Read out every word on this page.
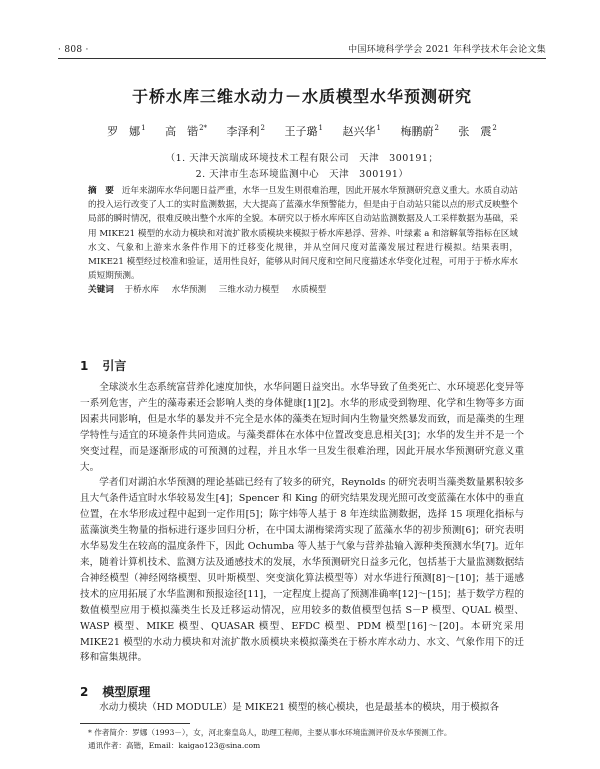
· 808 ·	中国环境科学学会 2021 年科学技术年会论文集
于桥水库三维水动力－水质模型水华预测研究
罗　娜$^1$ 高　锴$^{2*}$ 李泽利$^2$ 王子璐$^1$ 赵兴华$^1$ 梅鹏蔚$^2$ 张　震$^2$
（1. 天津天滨瑞成环境技术工程有限公司　天津　300191；
2. 天津市生态环境监测中心　天津　300191）
摘　要 近年来湖库水华问题日益严重，水华一旦发生则很难治理，因此开展水华预测研究意义重大。水质自动站的投入运行改变了人工的实时监测数据，大大提高了蓝藻水华预警能力，但是由于自动站只能以点的形式反映整个局部的瞬时情况，很难反映出整个水库的全貌。本研究以于桥水库库区自动站监测数据及人工采样数据为基础，采用 MIKE21 模型的水动力模块和对流扩散水质模块来模拟于桥水库悬浮、营养、叶绿素 a 和溶解氧等指标在区域水文、气象和上游来水条件作用下的迁移变化规律，并从空间尺度对蓝藻发展过程进行模拟。结果表明，MIKE21 模型经过校准和验证，适用性良好，能够从时间尺度和空间尺度描述水华变化过程，可用于于桥水库水质短期预测。
关键词 于桥水库 水华预测 三维水动力模型 水质模型
1 引言

全球淡水生态系统富营养化速度加快，水华问题日益突出。水华导致了鱼类死亡、水环境恶化变异等一系列危害，产生的藻毒素还会影响人类的身体健康[1][2]。水华的形成受到物理、化学和生物等多方面因素共同影响，但是水华的暴发并不完全是水体的藻类在短时间内生物量突然暴发而致，而是藻类的生理学特性与适宜的环境条件共同造成。与藻类群体在水体中位置改变息息相关[3]；水华的发生并不是一个突变过程，而是逐渐形成的可预测的过程，并且水华一旦发生很难治理，因此开展水华预测研究意义重大。

学者们对湖泊水华预测的理论基础已经有了较多的研究，Reynolds 的研究表明当藻类数量累积较多且大气条件适宜时水华较易发生[4]；Spencer 和 King 的研究结果发现光照可改变蓝藻在水体中的垂直位置，在水华形成过程中起到一定作用[5]；陈宇炜等人基于 8 年连续监测数据，选择 15 项理化指标与蓝藻演类生物量的指标进行逐步回归分析，在中国太湖梅梁湾实现了蓝藻水华的初步预测[6]；研究表明水华易发生在较高的温度条件下，因此 Ochumba 等人基于气象与营养盐输入源种类预测水华[7]。近年来，随着计算机技术、监测方法及通感技术的发展，水华预测研究日益多元化，包括基于大量监测数据结合神经模型（神经网络模型、贝叶斯模型、突变演化算法模型等）对水华进行预测[8]～[10]；基于遥感技术的应用拓展了水华监测和预报途径[11]，一定程度上提高了预测准确率[12]～[15]；基于数学方程的数值模型应用于模拟藻类生长及迁移运动情况，应用较多的数值模型包括 S－P 模型、QUAL 模型、WASP 模型、MIKE 模型、QUASAR 模型、EFDC 模型、PDM 模型[16]～[20]。本研究采用 MIKE21 模型的水动力模块和对流扩散水质模块来模拟藻类在于桥水库水动力、水文、气象作用下的迁移和富集规律。

2 模型原理

水动力模块（HD MODULE）是 MIKE21 模型的核心模块，也是最基本的模块，用于模拟各

* 作者简介：罗娜（1993－），女，河北秦皇岛人，助理工程师，主要从事水环境监测评价及水华预测工作。
通讯作者：高锴，Email：kaigao123@sina.com
